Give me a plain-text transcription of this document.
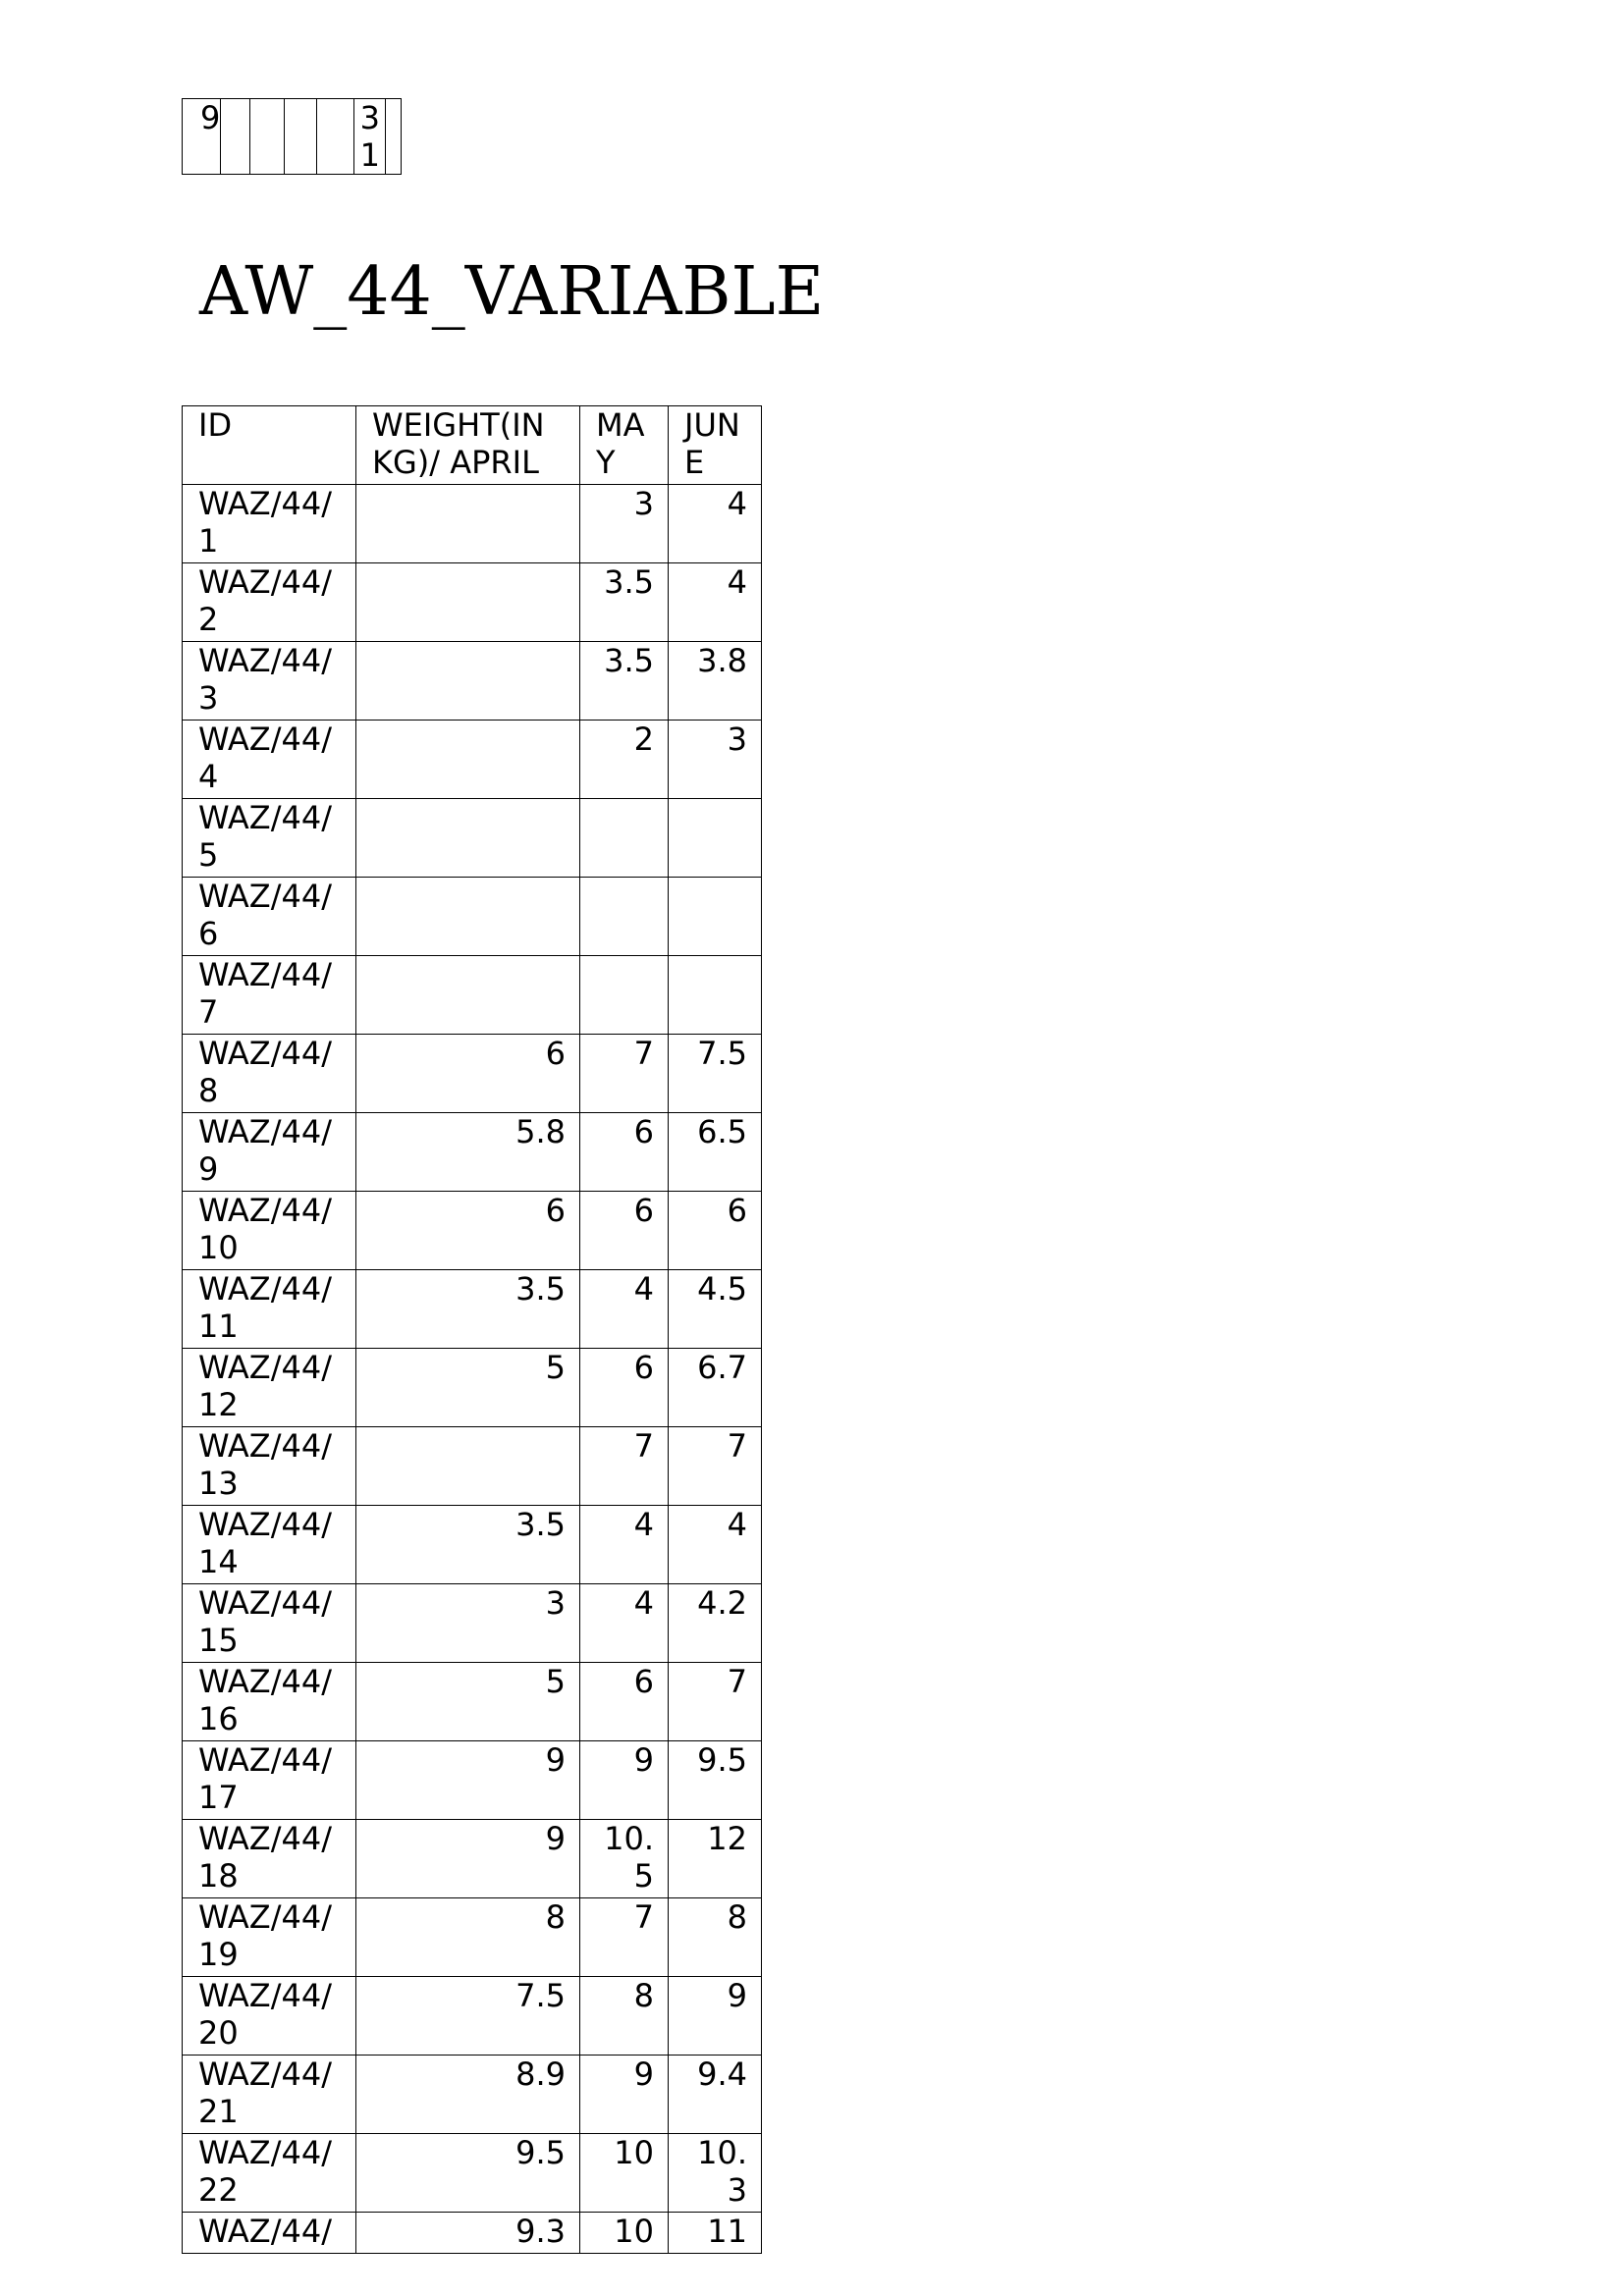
9					3
1

AW_44_VARIABLE
ID	WEIGHT(IN KG)/ APRIL	MAY	JUNE
WAZ/44/1		3	4
WAZ/44/2		3.5	4
WAZ/44/3		3.5	3.8
WAZ/44/4		2	3
WAZ/44/5			
WAZ/44/6			
WAZ/44/7			
WAZ/44/8	6	7	7.5
WAZ/44/9	5.8	6	6.5
WAZ/44/10	6	6	6
WAZ/44/11	3.5	4	4.5
WAZ/44/12	5	6	6.7
WAZ/44/13		7	7
WAZ/44/14	3.5	4	4
WAZ/44/15	3	4	4.2
WAZ/44/16	5	6	7
WAZ/44/17	9	9	9.5
WAZ/44/18	9	10.5	12
WAZ/44/19	8	7	8
WAZ/44/20	7.5	8	9
WAZ/44/21	8.9	9	9.4
WAZ/44/22	9.5	10	10.3
WAZ/44/	9.3	10	11
